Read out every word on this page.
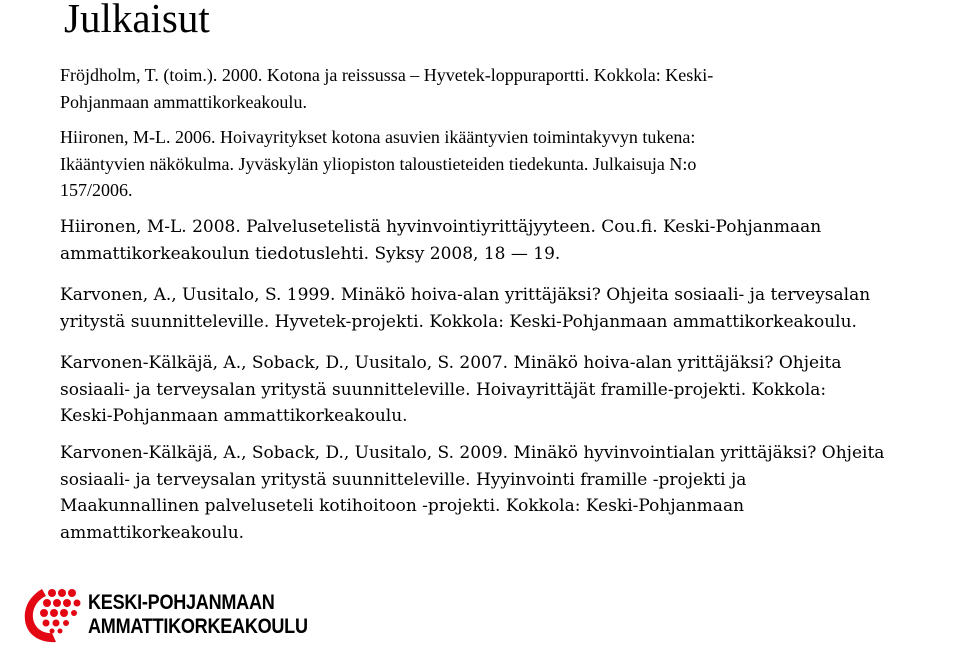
Julkaisut

Fröjdholm, T. (toim.). 2000. Kotona ja reissussa – Hyvetek-loppuraportti. Kokkola: Keski-
Pohjanmaan ammattikorkeakoulu.

Hiironen, M-L. 2006. Hoivayritykset kotona asuvien ikääntyvien toimintakyvyn tukena:
Ikääntyvien näkökulma. Jyväskylän yliopiston taloustieteiden tiedekunta. Julkaisuja N:o
157/2006.

Hiironen, M-L. 2008. Palvelusetelistä hyvinvointiyrittäjyyteen. Cou.fi. Keski-Pohjanmaan
ammattikorkeakoulun tiedotuslehti. Syksy 2008, 18 — 19.

Karvonen, A., Uusitalo, S. 1999. Minäkö hoiva-alan yrittäjäksi? Ohjeita sosiaali- ja terveysalan
yritystä suunnitteleville. Hyvetek-projekti. Kokkola: Keski-Pohjanmaan ammattikorkeakoulu.

Karvonen-Kälkäjä, A., Soback, D., Uusitalo, S. 2007. Minäkö hoiva-alan yrittäjäksi? Ohjeita
sosiaali- ja terveysalan yritystä suunnitteleville. Hoivayrittäjät framille-projekti. Kokkola:
Keski-Pohjanmaan ammattikorkeakoulu.

Karvonen-Kälkäjä, A., Soback, D., Uusitalo, S. 2009. Minäkö hyvinvointialan yrittäjäksi? Ohjeita
sosiaali- ja terveysalan yritystä suunnitteleville. Hyyinvointi framille -projekti ja
Maakunnallinen palveluseteli kotihoitoon -projekti. Kokkola: Keski-Pohjanmaan
ammattikorkeakoulu.

KESKI-POHJANMAAN
AMMATTIKORKEAKOULU
